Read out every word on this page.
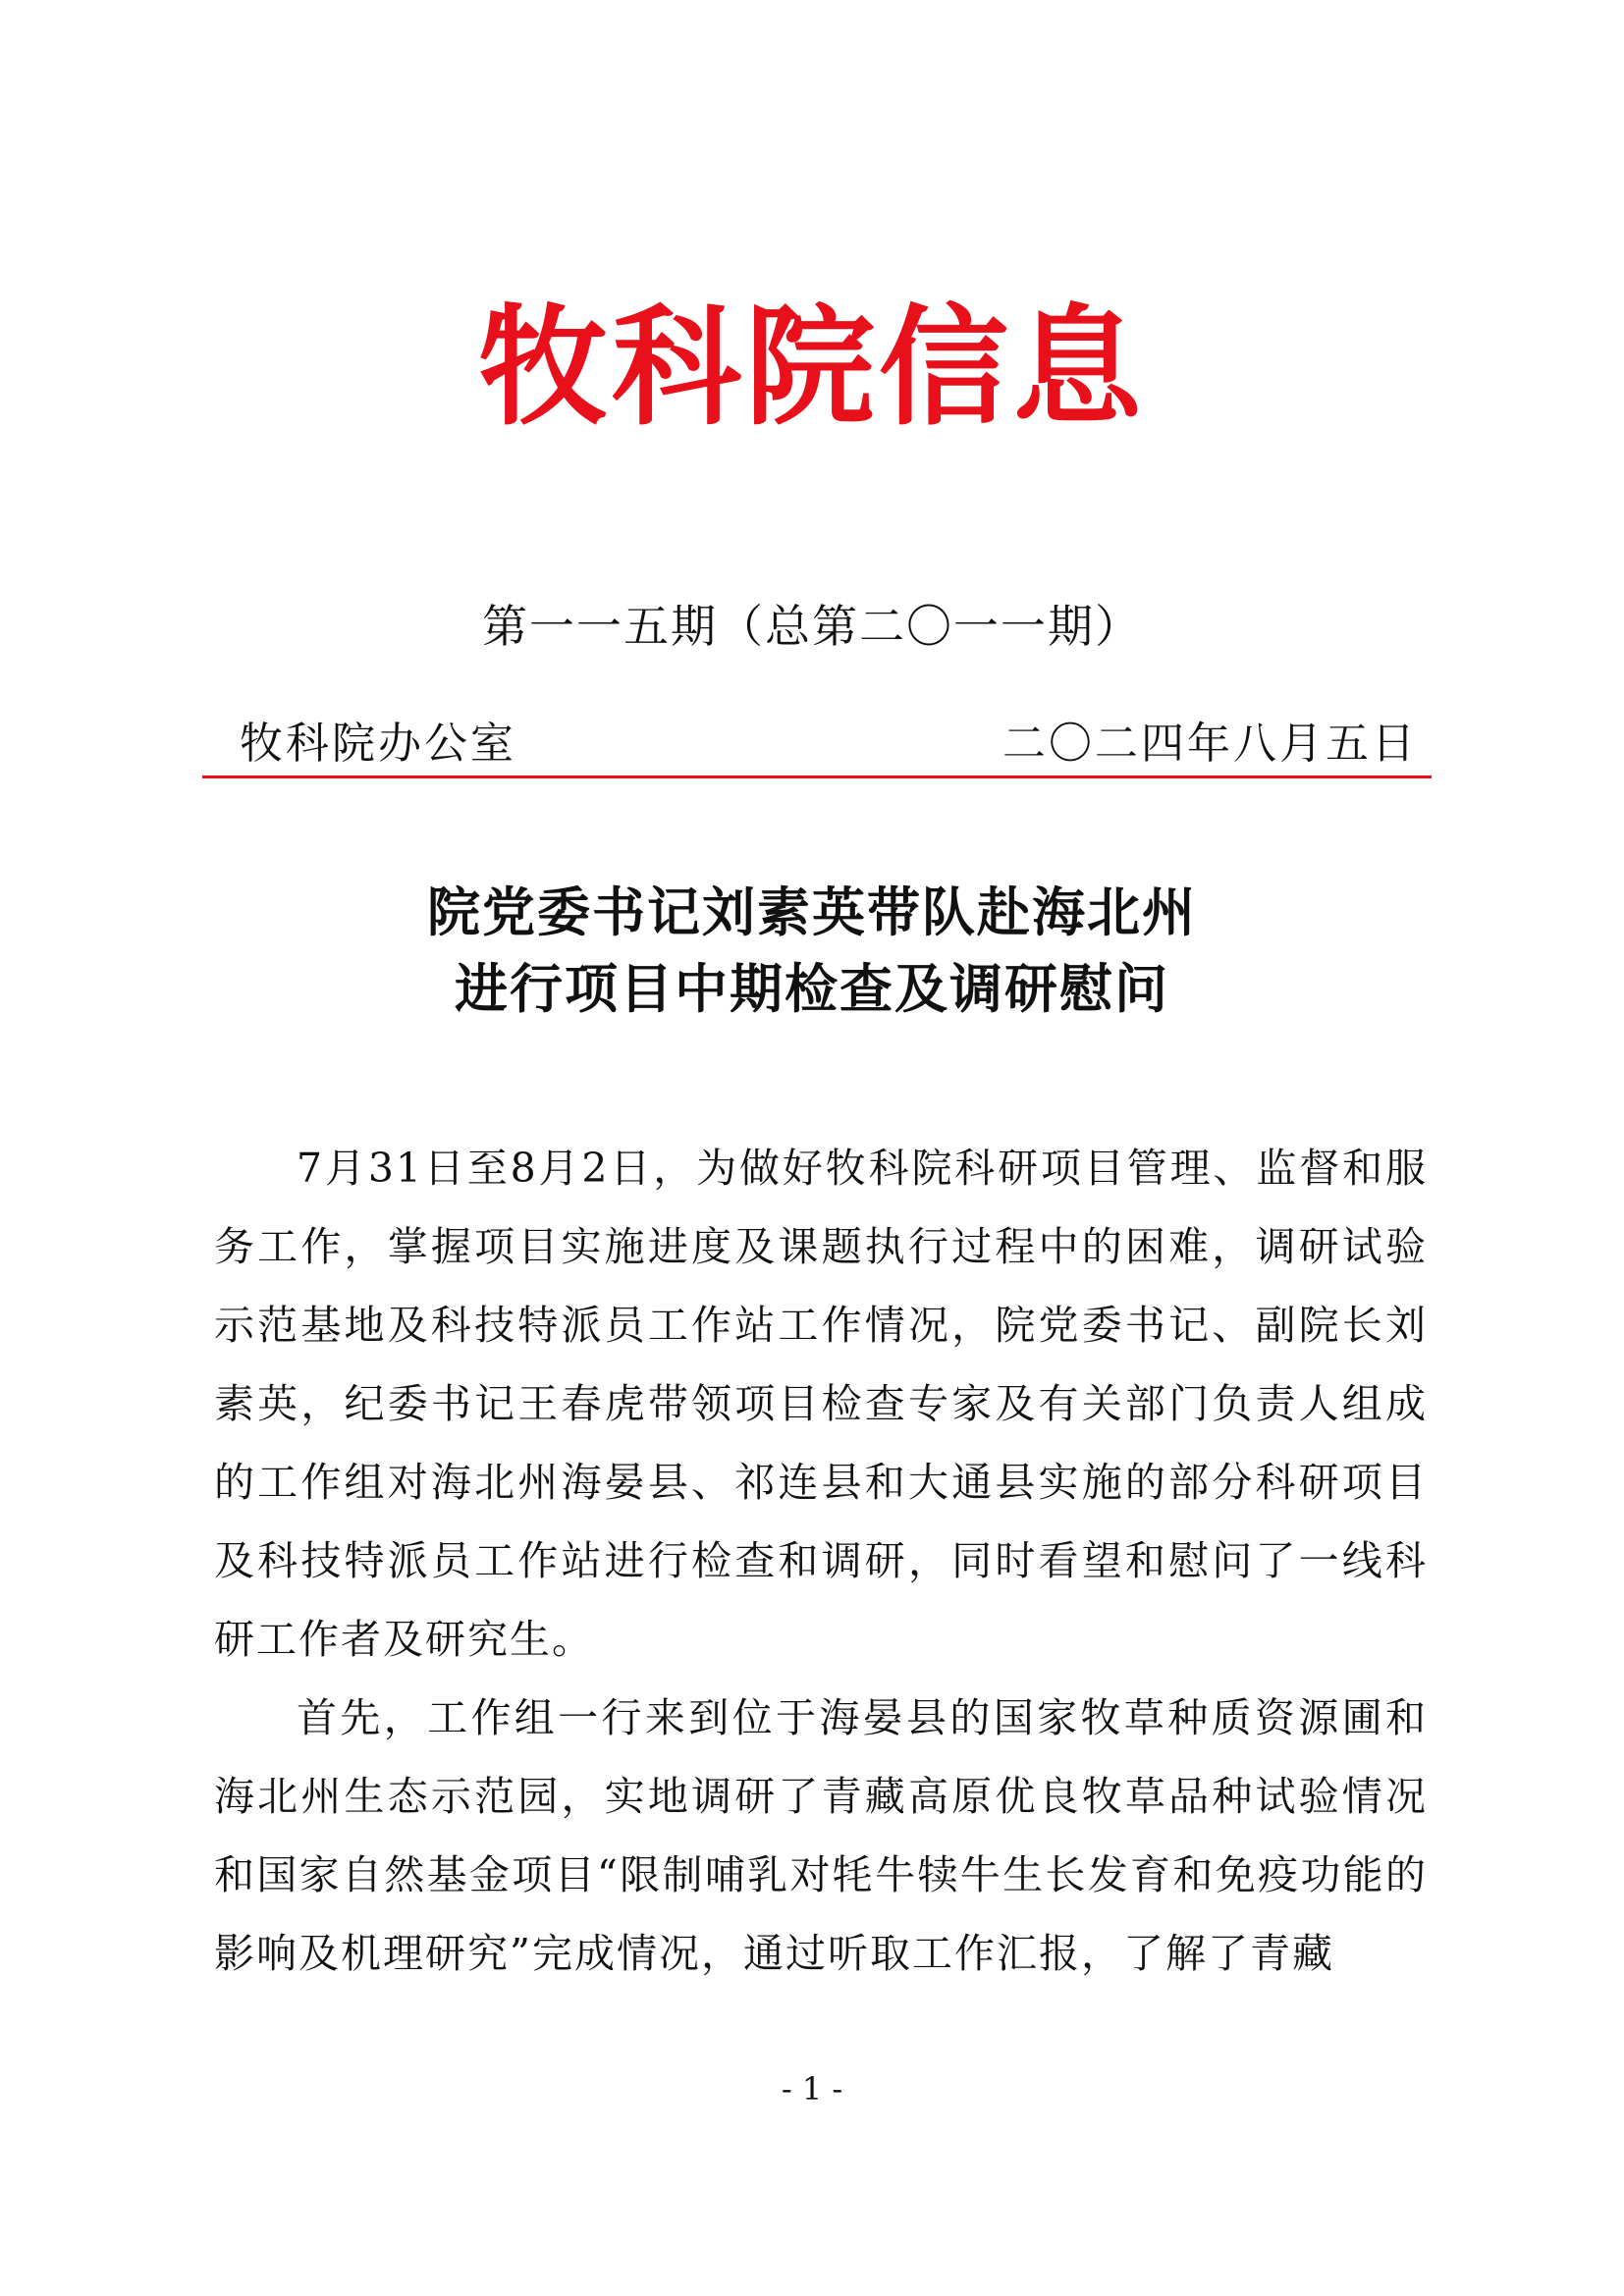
牧科院信息
第一一五期（总第二〇一一期）
牧科院办公室	二〇二四年八月五日
院党委书记刘素英带队赴海北州
进行项目中期检查及调研慰问

7月31日至8月2日，为做好牧科院科研项目管理、监督和服务工作，掌握项目实施进度及课题执行过程中的困难，调研试验示范基地及科技特派员工作站工作情况，院党委书记、副院长刘素英，纪委书记王春虎带领项目检查专家及有关部门负责人组成的工作组对海北州海晏县、祁连县和大通县实施的部分科研项目及科技特派员工作站进行检查和调研，同时看望和慰问了一线科研工作者及研究生。

首先，工作组一行来到位于海晏县的国家牧草种质资源圃和海北州生态示范园，实地调研了青藏高原优良牧草品种试验情况和国家自然基金项目“限制哺乳对牦牛犊牛生长发育和免疫功能的影响及机理研究”完成情况，通过听取工作汇报，了解了青藏

- 1 -
